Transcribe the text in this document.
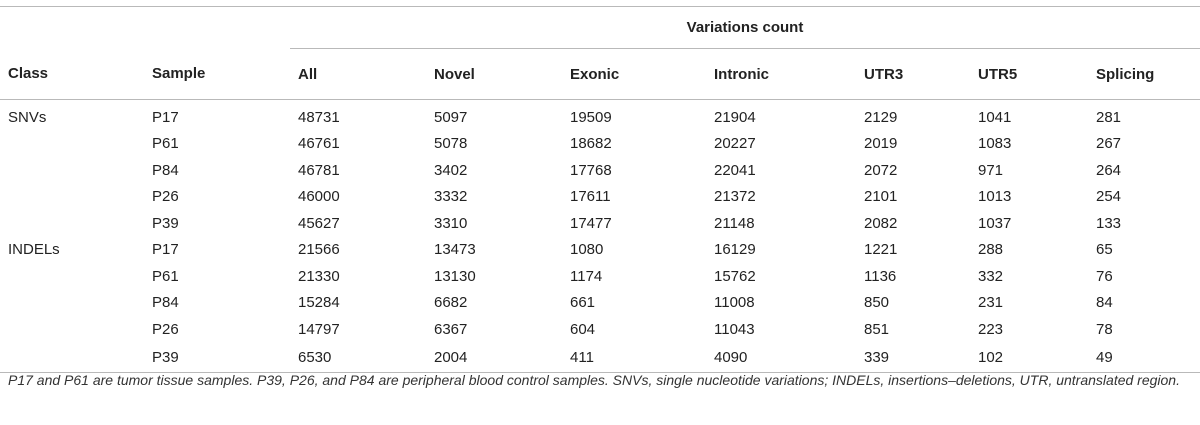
		Variations count						
Class	Sample	All	Novel	Exonic	Intronic	UTR3	UTR5	Splicing
SNVs	P17	48731	5097	19509	21904	2129	1041	281
	P61	46761	5078	18682	20227	2019	1083	267
	P84	46781	3402	17768	22041	2072	971	264
	P26	46000	3332	17611	21372	2101	1013	254
	P39	45627	3310	17477	21148	2082	1037	133
INDELs	P17	21566	13473	1080	16129	1221	288	65
	P61	21330	13130	1174	15762	1136	332	76
	P84	15284	6682	661	11008	850	231	84
	P26	14797	6367	604	11043	851	223	78
	P39	6530	2004	411	4090	339	102	49
P17 and P61 are tumor tissue samples. P39, P26, and P84 are peripheral blood control samples. SNVs, single nucleotide variations; INDELs, insertions–deletions, UTR, untranslated region.
